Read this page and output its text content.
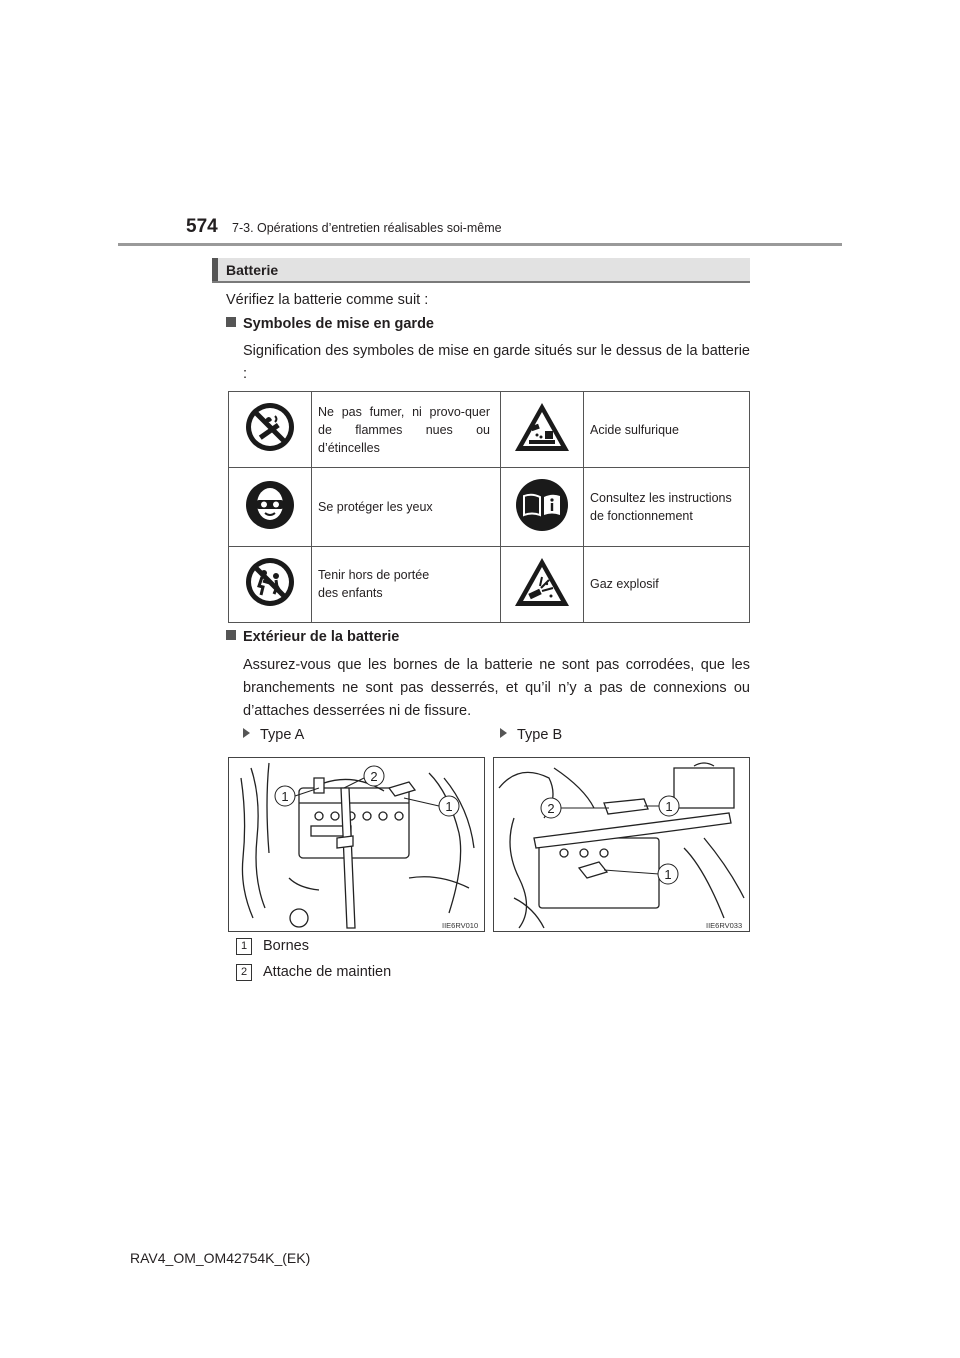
574 7-3. Opérations d’entretien réalisables soi-même
Batterie
Vérifiez la batterie comme suit :
Symboles de mise en garde
Signification des symboles de mise en garde situés sur le dessus de la batterie :
	Ne pas fumer, ni provo-quer de flammes nues ou d’étincelles		Acide sulfurique
	Se protéger les yeux		Consultez les instructions de fonctionnement

Tenir hors de portée des enfants		Gaz explosif
Extérieur de la batterie
Assurez-vous que les bornes de la batterie ne sont pas corrodées, que les branchements ne sont pas desserrés, et qu’il n’y a pas de connexions ou d’attaches desserrées ni de fissure.
Type A	Type B
1
2
1
IIE6RV010
2	1
1
IIE6RV033
1 Bornes
2 Attache de maintien
RAV4_OM_OM42754K_(EK)
